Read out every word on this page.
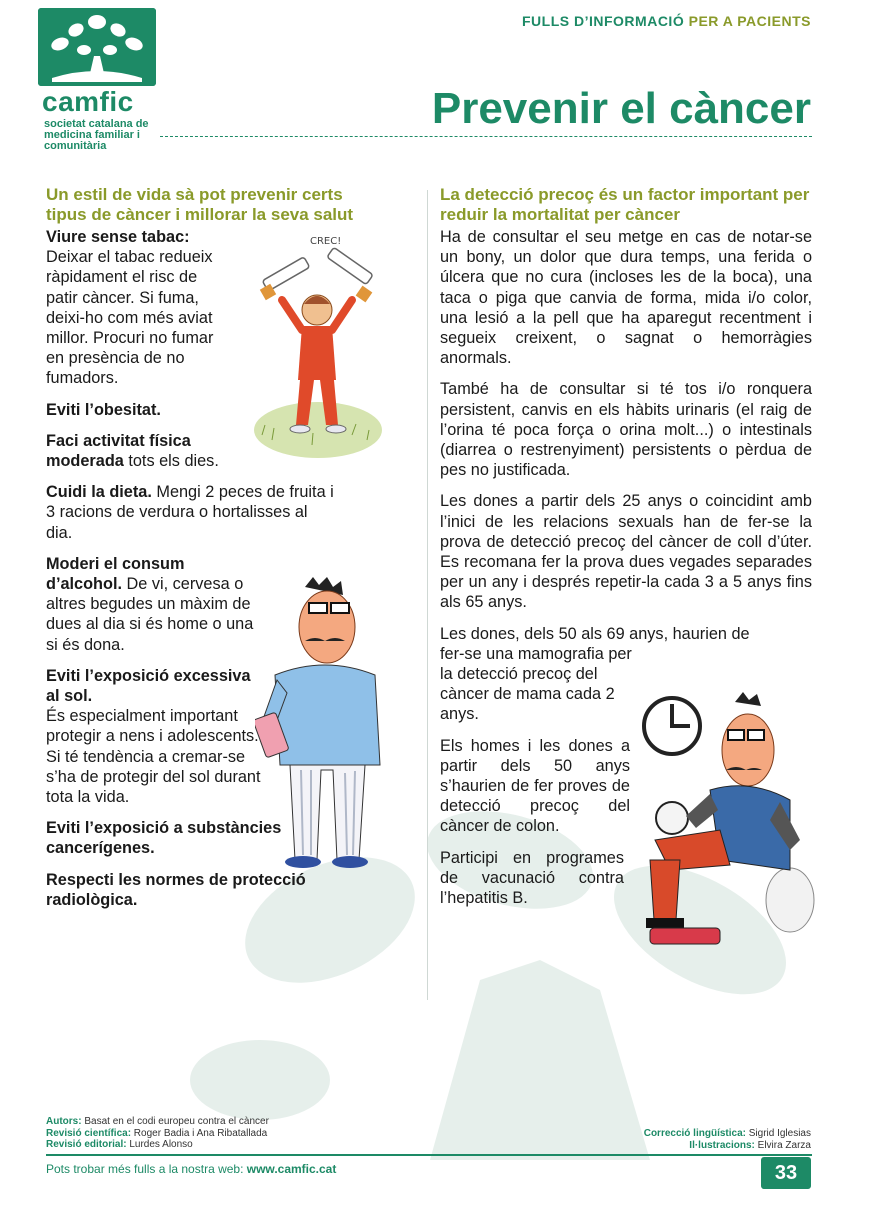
camfic
societat catalana de medicina familiar i comunitària
FULLS D’INFORMACIÓ PER A PACIENTS
Prevenir el càncer
Un estil de vida sà pot prevenir certs tipus de càncer i millorar la seva salut
Viure sense tabac:
Deixar el tabac redueix ràpidament el risc de patir càncer. Si fuma, deixi-ho com més aviat millor. Procuri no fumar en presència de no fumadors.
Eviti l’obesitat.
Faci activitat física moderada tots els dies.
Cuidi la dieta. Mengi 2 peces de fruita i 3 racions de verdura o hortalisses al dia.
Moderi el consum d’alcohol. De vi, cervesa o altres begudes un màxim de dues al dia si és home o una si és dona.
Eviti l’exposició excessiva al sol.
És especialment important protegir a nens i adolescents. Si té tendència a cremar-se s’ha de protegir del sol durant tota la vida.
Eviti l’exposició a substàncies cancerígenes.
Respecti les normes de protecció radiològica.
CREC!
La detecció precoç és un factor important per reduir la mortalitat per càncer

Ha de consultar el seu metge en cas de notar-se un bony, un dolor que dura temps, una ferida o úlcera que no cura (incloses les de la boca), una taca o piga que canvia de forma, mida i/o color, una lesió a la pell que ha aparegut recentment i segueix creixent, o sagnat o hemorràgies anormals.

També ha de consultar si té tos i/o ronquera persistent, canvis en els hàbits urinaris (el raig de l’orina té poca força o orina molt...) o intestinals (diarrea o restrenyiment) persistents o pèrdua de pes no justificada.

Les dones a partir dels 25 anys o coincidint amb l’inici de les relacions sexuals han de fer-se la prova de detecció precoç del càncer de coll d’úter. Es recomana fer la prova dues vegades separades per un any i després repetir-la cada 3 a 5 anys fins als 65 anys.

Les dones, dels 50 als 69 anys, haurien de
fer-se una mamografia per la detecció precoç del càncer de mama cada 2 anys.

Els homes i les dones a partir dels 50 anys s’haurien de fer proves de detecció precoç del càncer de colon.

Participi en programes de vacunació contra l’hepatitis B.

Autors: Basat en el codi europeu contra el càncer
Revisió científica: Roger Badia i Ana Ribatallada
Revisió editorial: Lurdes Alonso
Correcció lingüística: Sigrid Iglesias
Il·lustracions: Elvira Zarza
Pots trobar més fulls a la nostra web: www.camfic.cat	33
